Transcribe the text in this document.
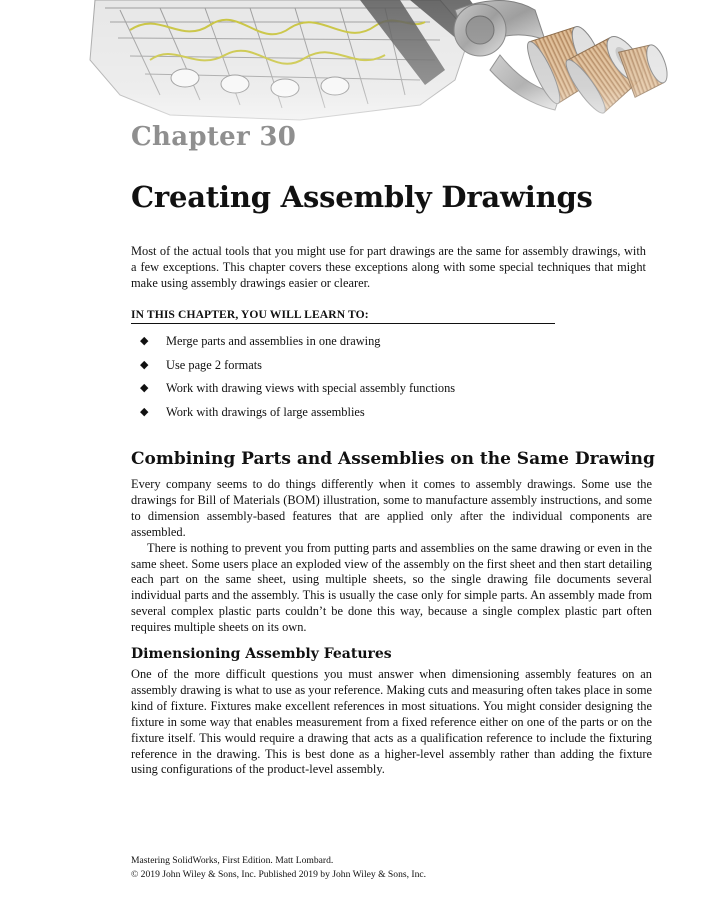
Chapter 30
Creating Assembly Drawings

Most of the actual tools that you might use for part drawings are the same for assembly drawings, with a few exceptions. This chapter covers these exceptions along with some special techniques that might make using assembly drawings easier or clearer.

IN THIS CHAPTER, YOU WILL LEARN TO:
◆	Merge parts and assemblies in one drawing
◆	Use page 2 formats
◆	Work with drawing views with special assembly functions
◆	Work with drawings of large assemblies
Combining Parts and Assemblies on the Same Drawing

Every company seems to do things differently when it comes to assembly drawings. Some use the drawings for Bill of Materials (BOM) illustration, some to manufacture assembly instructions, and some to dimension assembly-based features that are applied only after the individual components are assembled.

There is nothing to prevent you from putting parts and assemblies on the same drawing or even in the same sheet. Some users place an exploded view of the assembly on the first sheet and then start detailing each part on the same sheet, using multiple sheets, so the single drawing file documents several individual parts and the assembly. This is usually the case only for simple parts. An assembly made from several complex plastic parts couldn’t be done this way, because a single complex plastic part often requires multiple sheets on its own.

Dimensioning Assembly Features

One of the more difficult questions you must answer when dimensioning assembly features on an assembly drawing is what to use as your reference. Making cuts and measuring often takes place in some kind of fixture. Fixtures make excellent references in most situations. You might consider designing the fixture in some way that enables measurement from a fixed reference either on one of the parts or on the fixture itself. This would require a drawing that acts as a qualification reference to include the fixturing reference in the drawing. This is best done as a higher-level assembly rather than adding the fixture using configurations of the product-level assembly.

Mastering SolidWorks, First Edition. Matt Lombard.
© 2019 John Wiley & Sons, Inc. Published 2019 by John Wiley & Sons, Inc.
